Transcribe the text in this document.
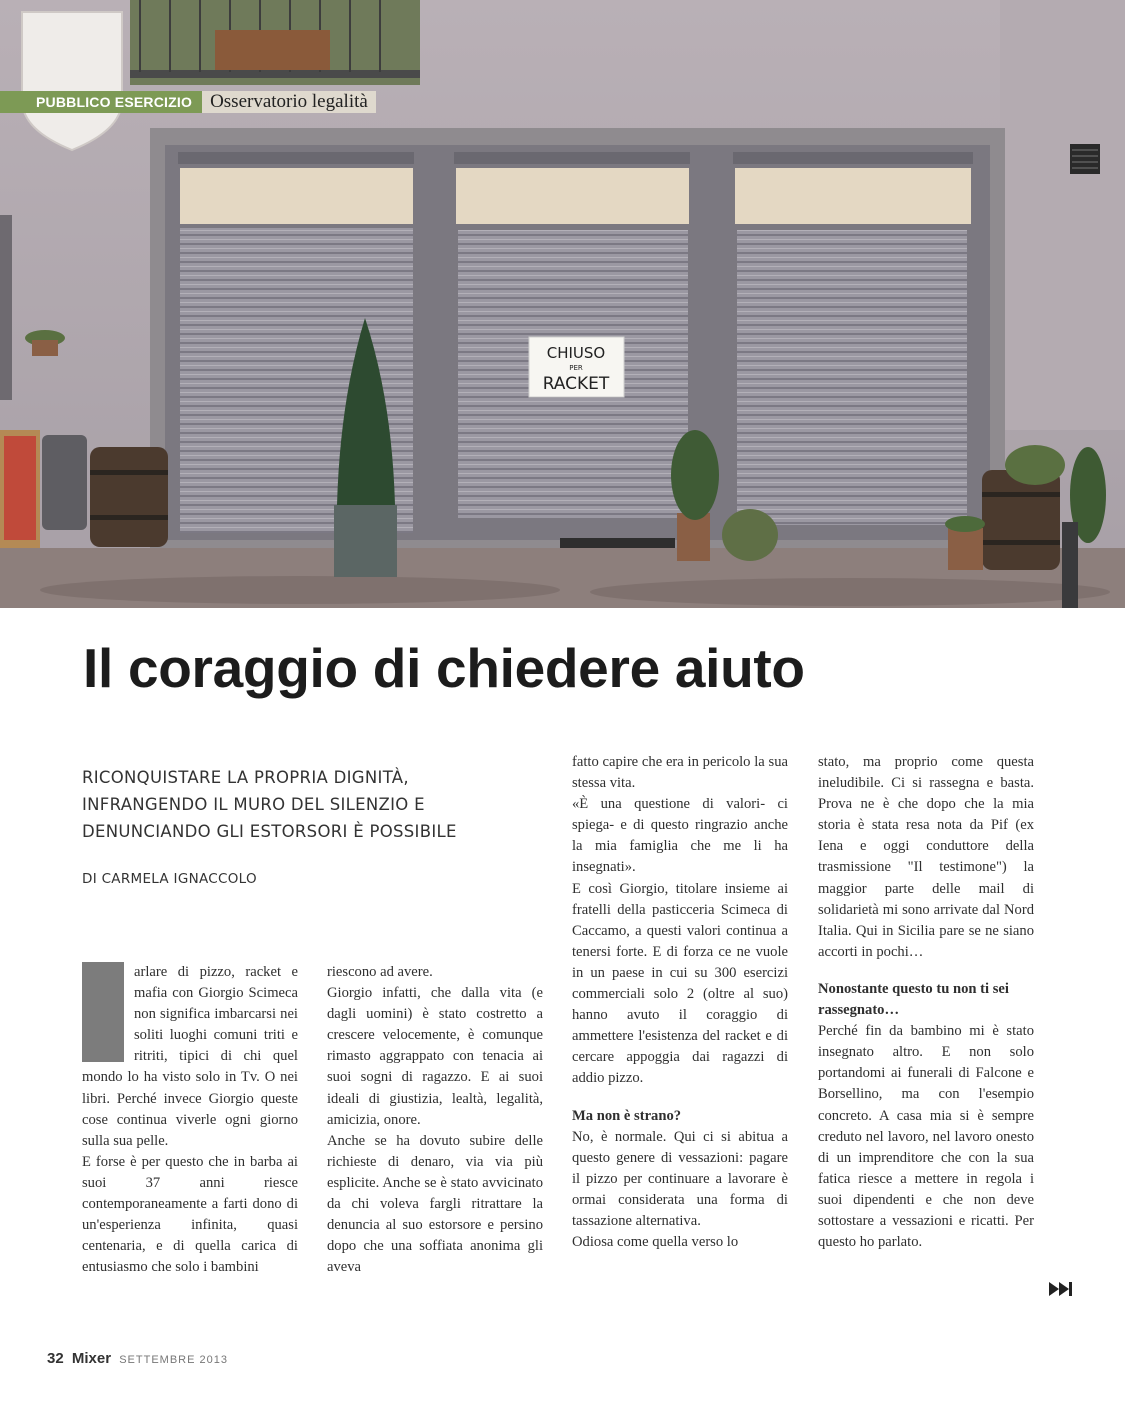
CHIUSO
PER
RACKET
PUBBLICO ESERCIZIO Osservatorio legalità
Il coraggio di chiedere aiuto
RICONQUISTARE LA PROPRIA DIGNITÀ, INFRANGENDO IL MURO DEL SILENZIO E DENUNCIANDO GLI ESTORSORI È POSSIBILE
DI CARMELA IGNACCOLO

arlare di pizzo, racket e mafia con Giorgio Scimeca non significa imbarcarsi nei soliti luoghi comuni triti e ritriti, tipici di chi quel mondo lo ha visto solo in Tv. O nei libri. Perché invece Giorgio queste cose continua viverle ogni giorno sulla sua pelle.

E forse è per questo che in barba ai suoi 37 anni riesce contemporaneamente a farti dono di un'esperienza infinita, quasi centenaria, e di quella carica di entusiasmo che solo i bambini

riescono ad avere.

Giorgio infatti, che dalla vita (e dagli uomini) è stato costretto a crescere velocemente, è comunque rimasto aggrappato con tenacia ai suoi sogni di ragazzo. E ai suoi ideali di giustizia, lealtà, legalità, amicizia, onore.

Anche se ha dovuto subire delle richieste di denaro, via via più esplicite. Anche se è stato avvicinato da chi voleva fargli ritrattare la denuncia al suo estorsore e persino dopo che una soffiata anonima gli aveva

fatto capire che era in pericolo la sua stessa vita.

«È una questione di valori- ci spiega- e di questo ringrazio anche la mia famiglia che me li ha insegnati».

E così Giorgio, titolare insieme ai fratelli della pasticceria Scimeca di Caccamo, a questi valori continua a tenersi forte. E di forza ce ne vuole in un paese in cui su 300 esercizi commerciali solo 2 (oltre al suo) hanno avuto il coraggio di ammettere l'esistenza del racket e di cercare appoggia dai ragazzi di addio pizzo.

Ma non è strano?

No, è normale. Qui ci si abitua a questo genere di vessazioni: pagare il pizzo per continuare a lavorare è ormai considerata una forma di tassazione alternativa.

Odiosa come quella verso lo

stato, ma proprio come questa ineludibile. Ci si rassegna e basta. Prova ne è che dopo che la mia storia è stata resa nota da Pif (ex Iena e oggi conduttore della trasmissione "Il testimone") la maggior parte delle mail di solidarietà mi sono arrivate dal Nord Italia. Qui in Sicilia pare se ne siano accorti in pochi…

Nonostante questo tu non ti sei rassegnato…

Perché fin da bambino mi è stato insegnato altro. E non solo portandomi ai funerali di Falcone e Borsellino, ma con l'esempio concreto. A casa mia si è sempre creduto nel lavoro, nel lavoro onesto di un imprenditore che con la sua fatica riesce a mettere in regola i suoi dipendenti e che non deve sottostare a vessazioni e ricatti. Per questo ho parlato.

32 Mixer SETTEMBRE 2013
